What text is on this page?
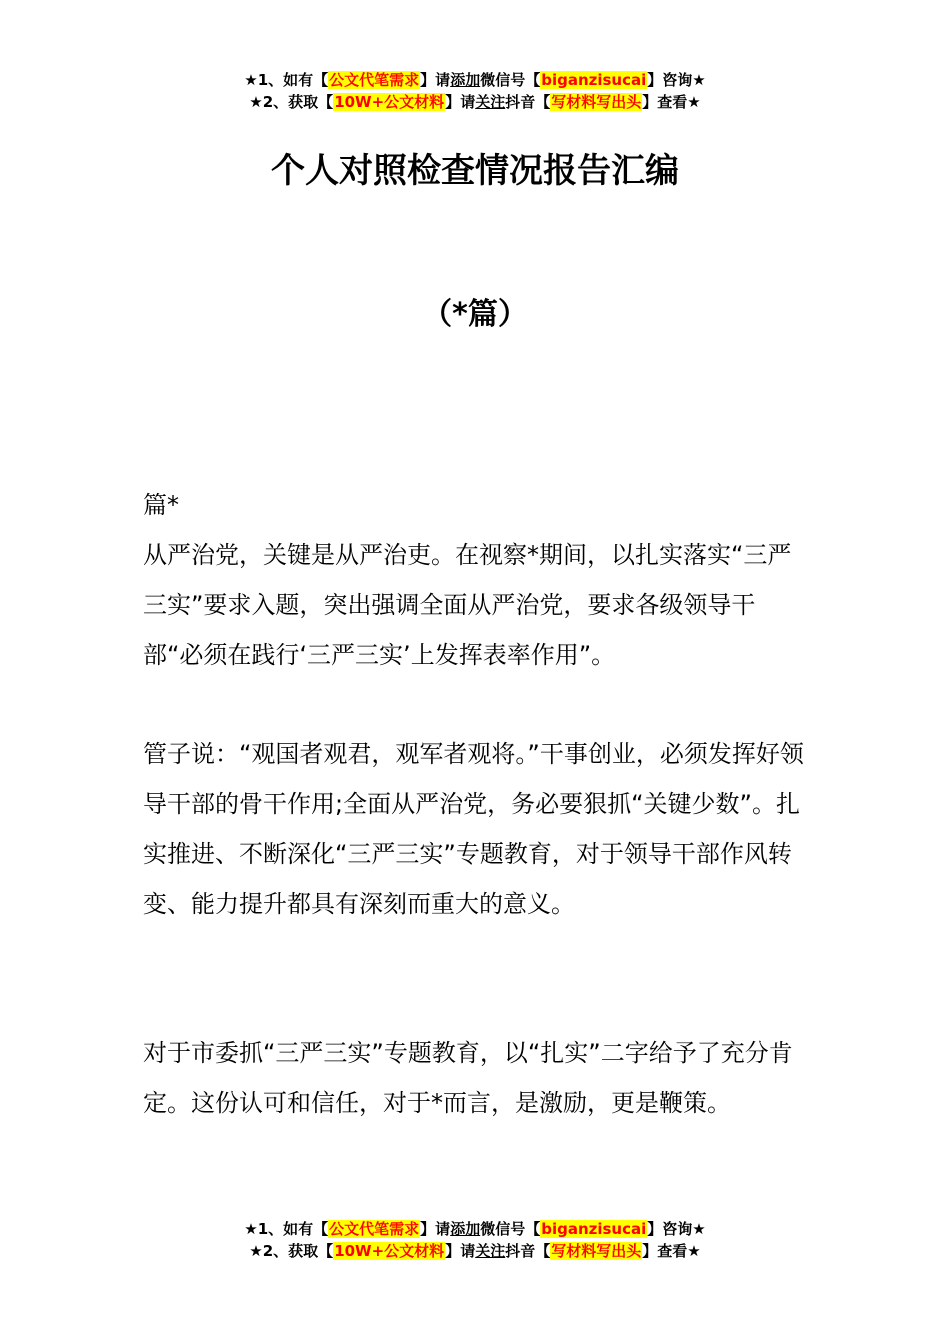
★1、如有【公文代笔需求】请添加微信号【biganzisucai】咨询★
★2、获取【10W+公文材料】请关注抖音【写材料写出头】查看★
个人对照检查情况报告汇编
（*篇）

篇*

从严治党，关键是从严治吏。在视察*期间，以扎实落实“三严三实”要求入题，突出强调全面从严治党，要求各级领导干部“必须在践行‘三严三实’上发挥表率作用”。

管子说：“观国者观君，观军者观将。”干事创业，必须发挥好领导干部的骨干作用;全面从严治党，务必要狠抓“关键少数”。扎实推进、不断深化“三严三实”专题教育，对于领导干部作风转变、能力提升都具有深刻而重大的意义。

对于市委抓“三严三实”专题教育，以“扎实”二字给予了充分肯定。这份认可和信任，对于*而言，是激励，更是鞭策。

★1、如有【公文代笔需求】请添加微信号【biganzisucai】咨询★
★2、获取【10W+公文材料】请关注抖音【写材料写出头】查看★
